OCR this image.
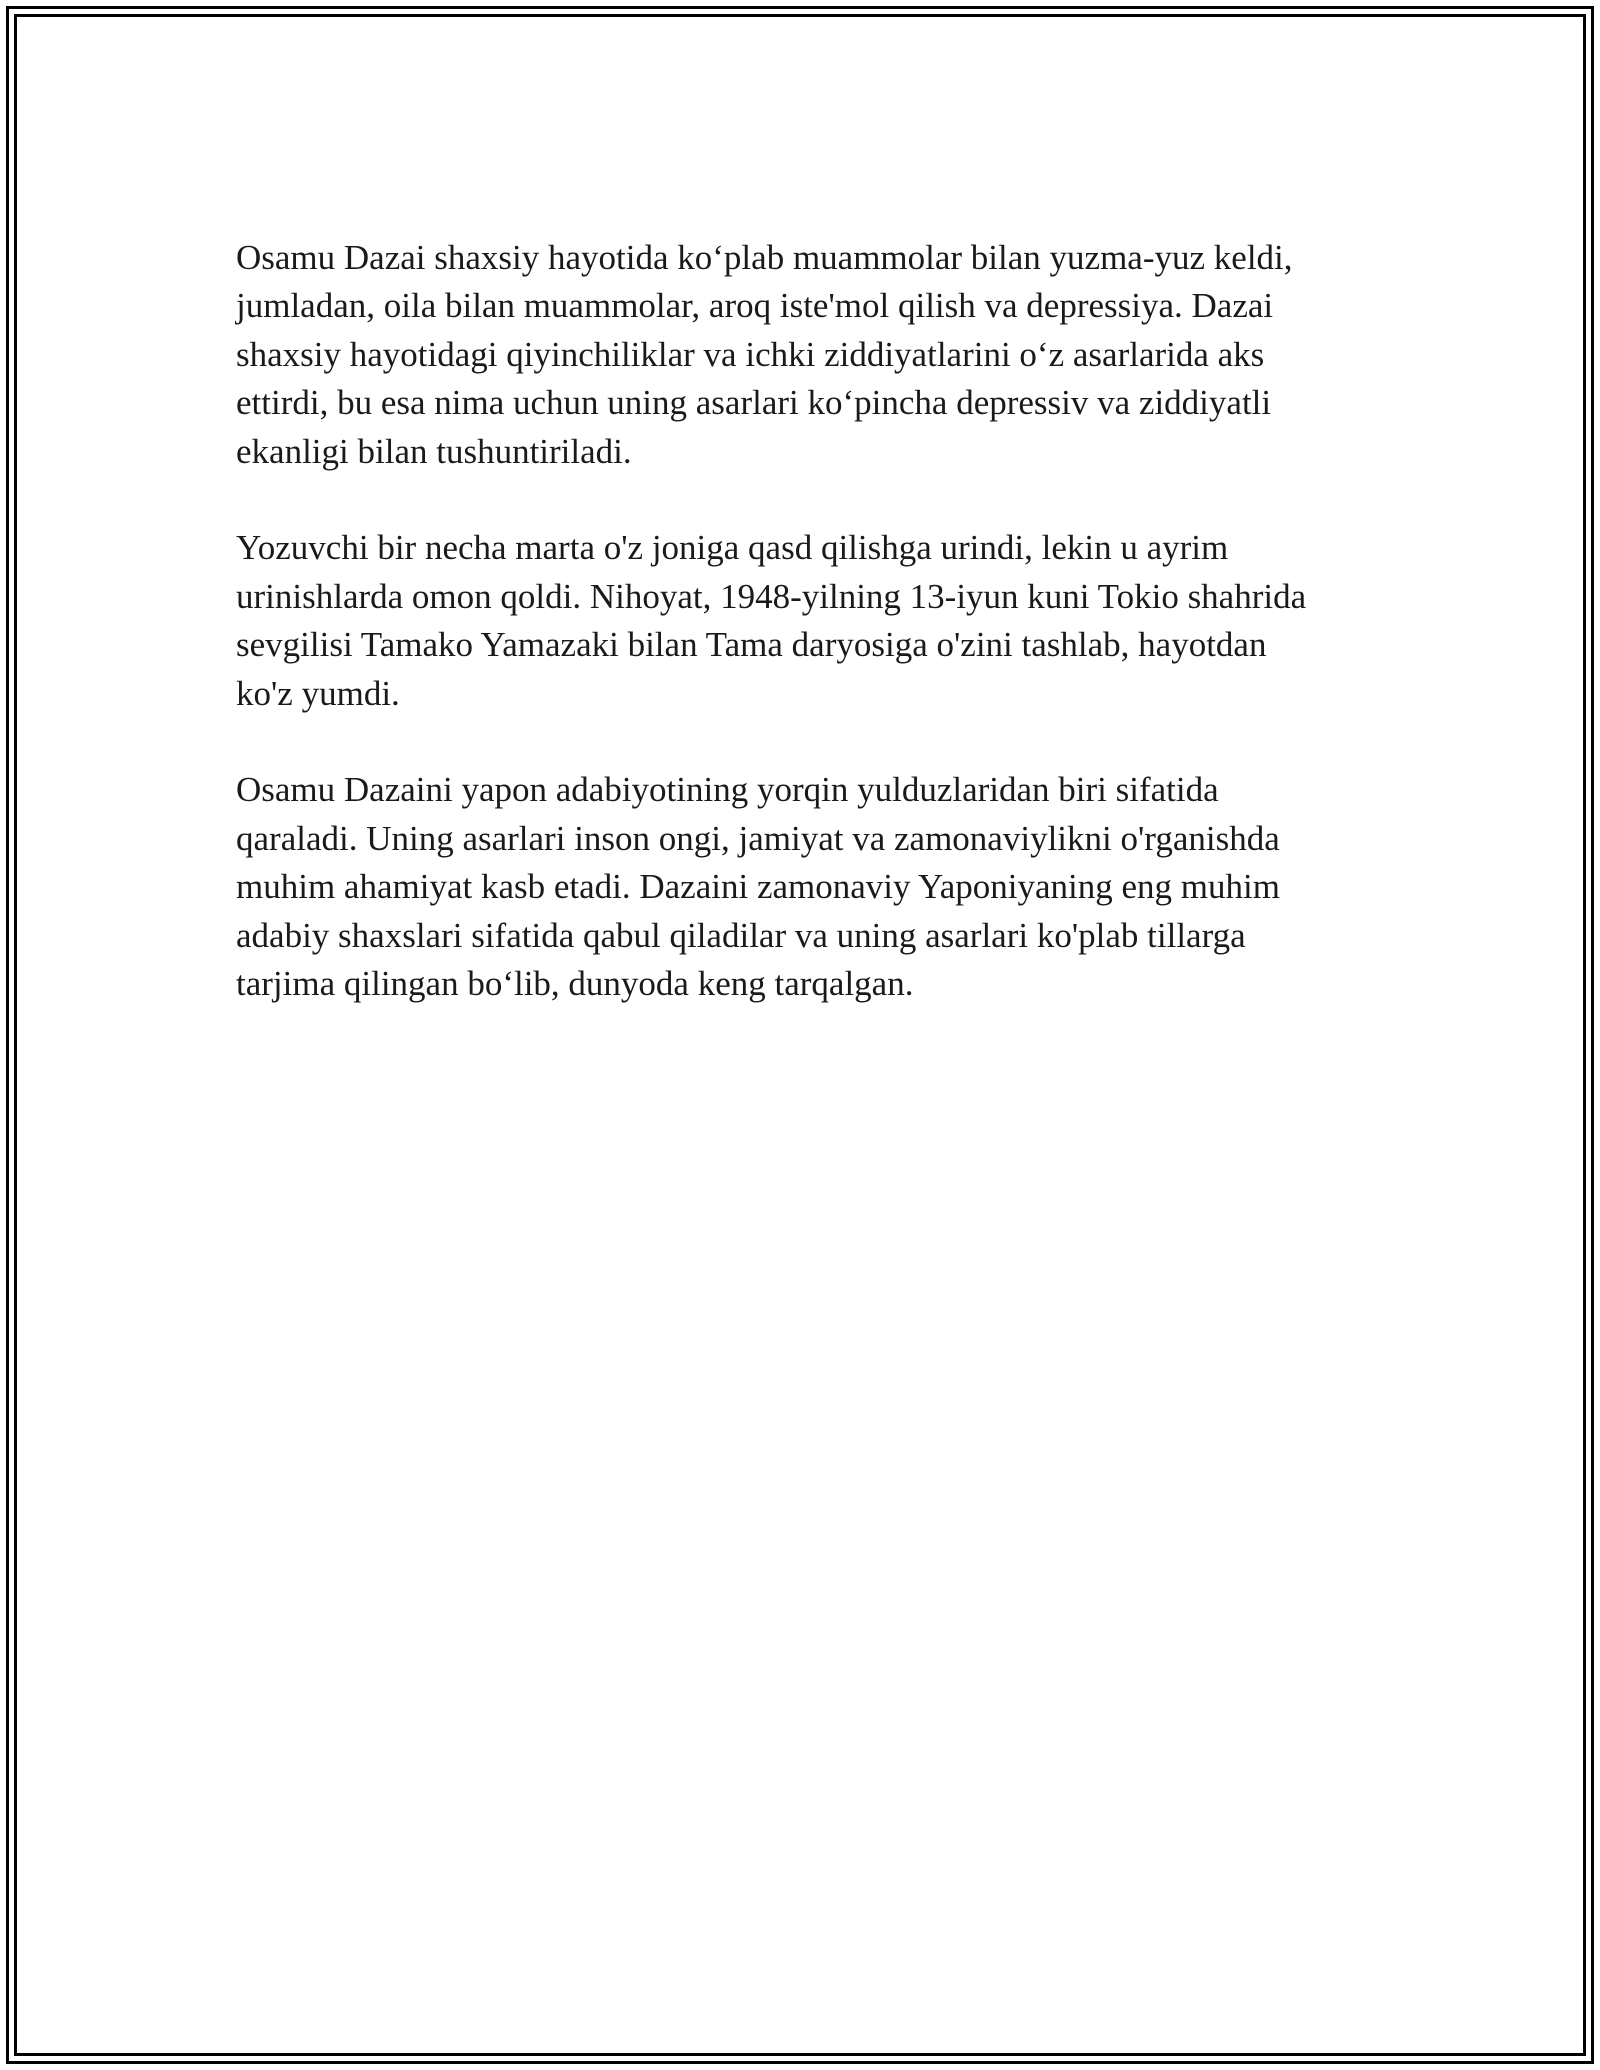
Osamu Dazai shaxsiy hayotida ko‘plab muammolar bilan yuzma-yuz keldi,
jumladan, oila bilan muammolar, aroq iste'mol qilish va depressiya. Dazai
shaxsiy hayotidagi qiyinchiliklar va ichki ziddiyatlarini o‘z asarlarida aks
ettirdi, bu esa nima uchun uning asarlari ko‘pincha depressiv va ziddiyatli
ekanligi bilan tushuntiriladi.

Yozuvchi bir necha marta o'z joniga qasd qilishga urindi, lekin u ayrim
urinishlarda omon qoldi. Nihoyat, 1948-yilning 13-iyun kuni Tokio shahrida
sevgilisi Tamako Yamazaki bilan Tama daryosiga o'zini tashlab, hayotdan
ko'z yumdi.

Osamu Dazaini yapon adabiyotining yorqin yulduzlaridan biri sifatida
qaraladi. Uning asarlari inson ongi, jamiyat va zamonaviylikni o'rganishda
muhim ahamiyat kasb etadi. Dazaini zamonaviy Yaponiyaning eng muhim
adabiy shaxslari sifatida qabul qiladilar va uning asarlari ko'plab tillarga
tarjima qilingan bo‘lib, dunyoda keng tarqalgan.
